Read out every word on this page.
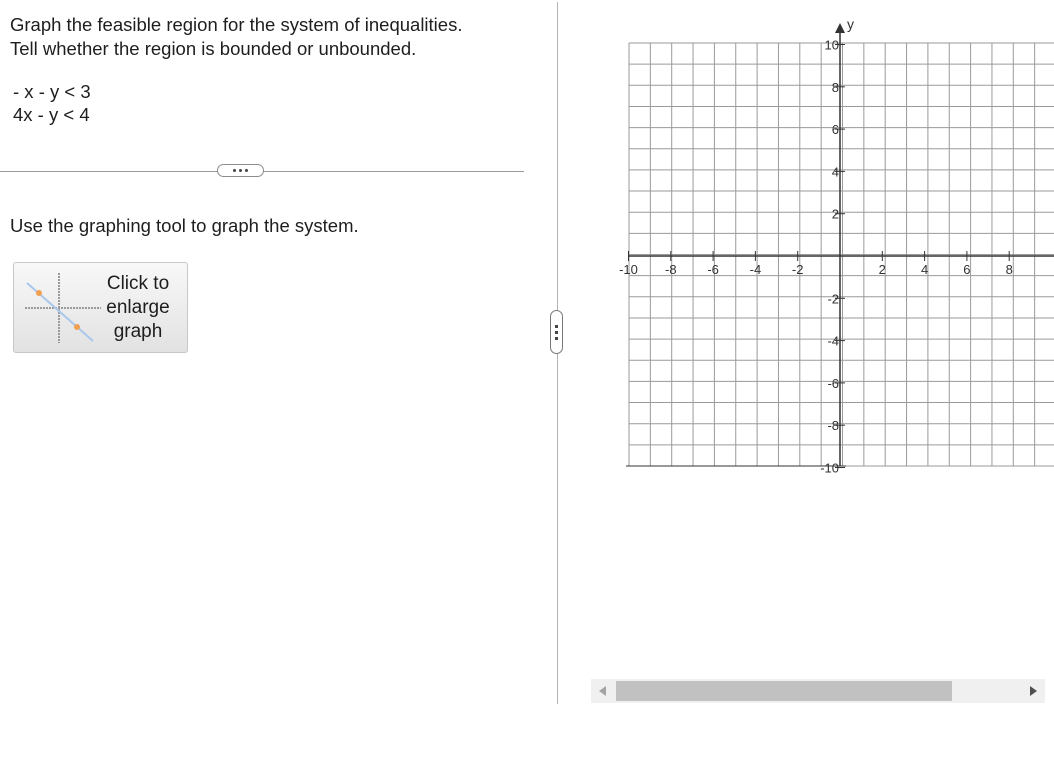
Graph the feasible region for the system of inequalities.
Tell whether the region is bounded or unbounded.
- x - y < 3
4x - y < 4
Use the graphing tool to graph the system.
Click to
enlarge
graph
-10 -8 -6 -4 -2	2	4	6	8
10
8
6
4
2
-2
-4
-6
-8
-10
y
